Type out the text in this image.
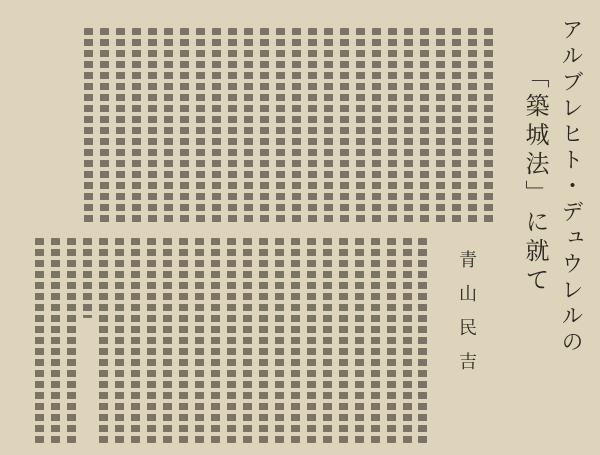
アルブレヒト・デュウレルの
「築城法」に就て
青山民吉
